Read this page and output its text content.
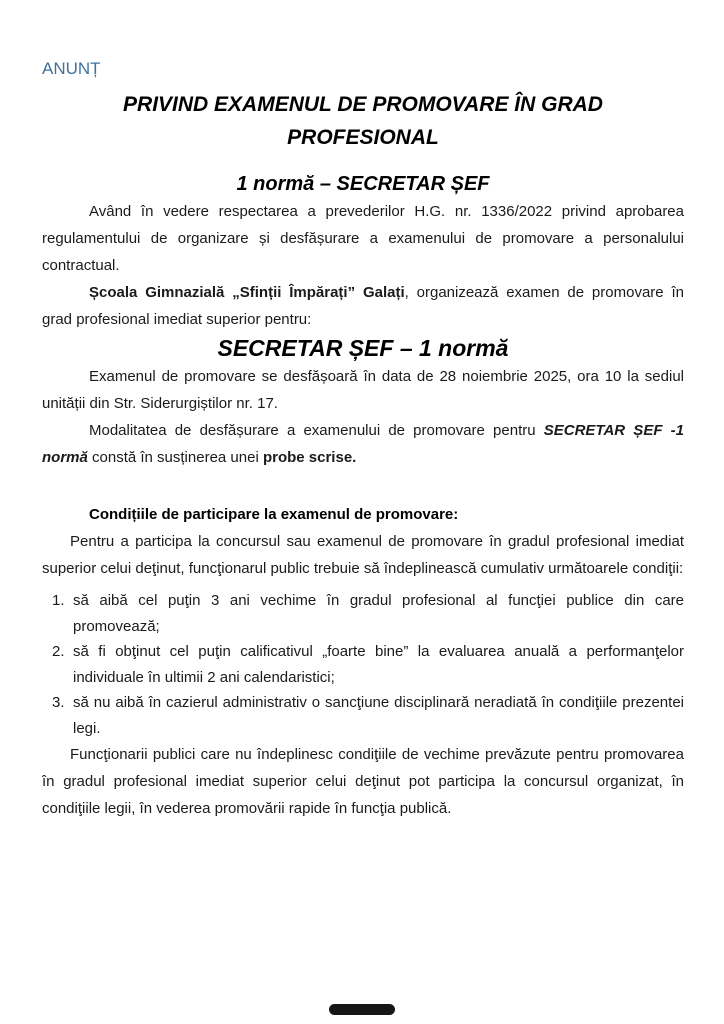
ANUNȚ

PRIVIND EXAMENUL DE PROMOVARE ÎN GRAD
PROFESIONAL

1 normă – SECRETAR ȘEF

Având în vedere respectarea a prevederilor H.G. nr. 1336/2022 privind aprobarea regulamentului de organizare și desfășurare a examenului de promovare a personalului contractual.

Școala Gimnazială „Sfinții Împărați” Galați, organizează examen de promovare în grad profesional imediat superior pentru:

SECRETAR ȘEF – 1 normă

Examenul de promovare se desfășoară în data de 28 noiembrie 2025, ora 10 la sediul unității din Str. Siderurgiștilor nr. 17.

Modalitatea de desfășurare a examenului de promovare pentru SECRETAR ȘEF -1 normă constă în susținerea unei probe scrise.

Condițiile de participare la examenul de promovare:

Pentru a participa la concursul sau examenul de promovare în gradul profesional imediat superior celui deţinut, funcţionarul public trebuie să îndeplinească cumulativ următoarele condiţii:

1. să aibă cel puţin 3 ani vechime în gradul profesional al funcţiei publice din care promovează;
2. să fi obţinut cel puţin calificativul „foarte bine” la evaluarea anuală a performanţelor individuale în ultimii 2 ani calendaristici;
3. să nu aibă în cazierul administrativ o sancţiune disciplinară neradiată în condiţiile prezentei legi.

Funcţionarii publici care nu îndeplinesc condiţiile de vechime prevăzute pentru promovarea în gradul profesional imediat superior celui deţinut pot participa la concursul organizat, în condiţiile legii, în vederea promovării rapide în funcţia publică.
